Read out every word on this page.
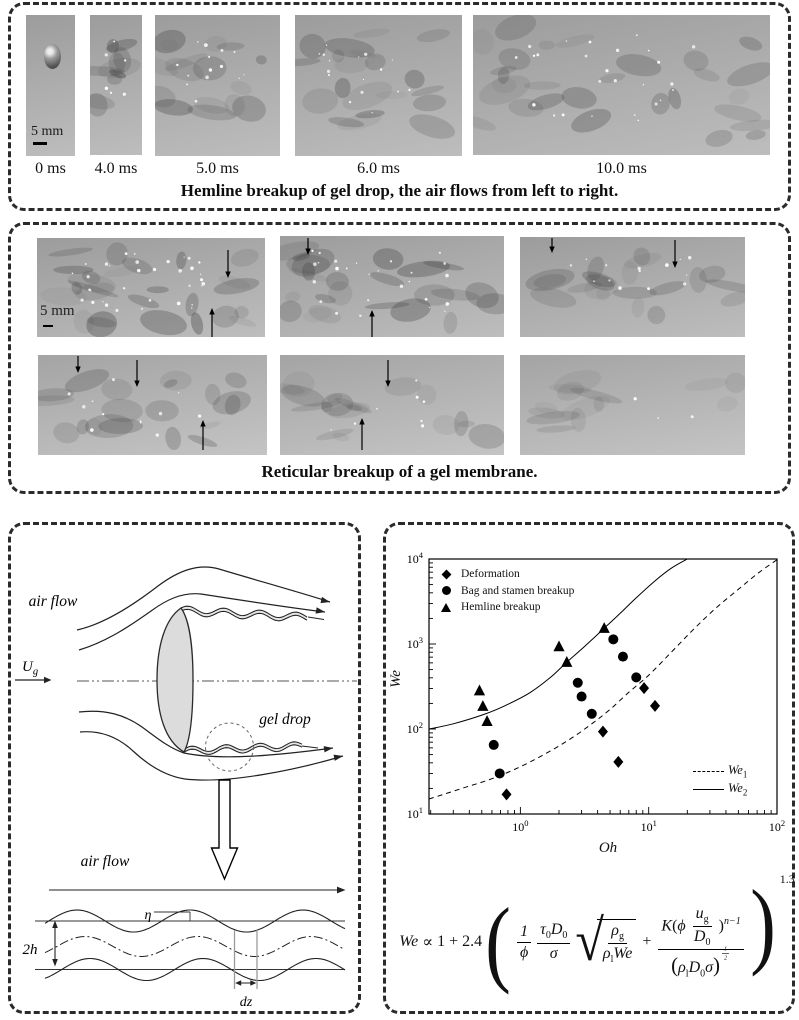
5 mm
0 ms	4.0 ms	5.0 ms	6.0 ms	10.0 ms
Hemline breakup of gel drop, the air flows from left to right.
5 mm
Reticular breakup of a gel membrane.
air flow
$U_g$
gel drop
air flow
η
2h
dz
$10^0$	$10^1$	$10^2$
$10^1$
$10^2$
$10^3$
$10^4$
We
Oh
Deformation
Bag and stamen breakup
Hemline breakup
$We_1$
$We_2$
We ∝ 1 + 2.4 ( $\frac{1}{\phi} \frac{\tau_0D_0}{\sigma}$ √ $\frac{\rho_g}{\rho_lWe} + K(\phi \frac{u_g}{D_0} )^{n-1}$
$(\rho_lD_0\sigma)$ $^{\frac{1}{2}}$ ) 1.3
